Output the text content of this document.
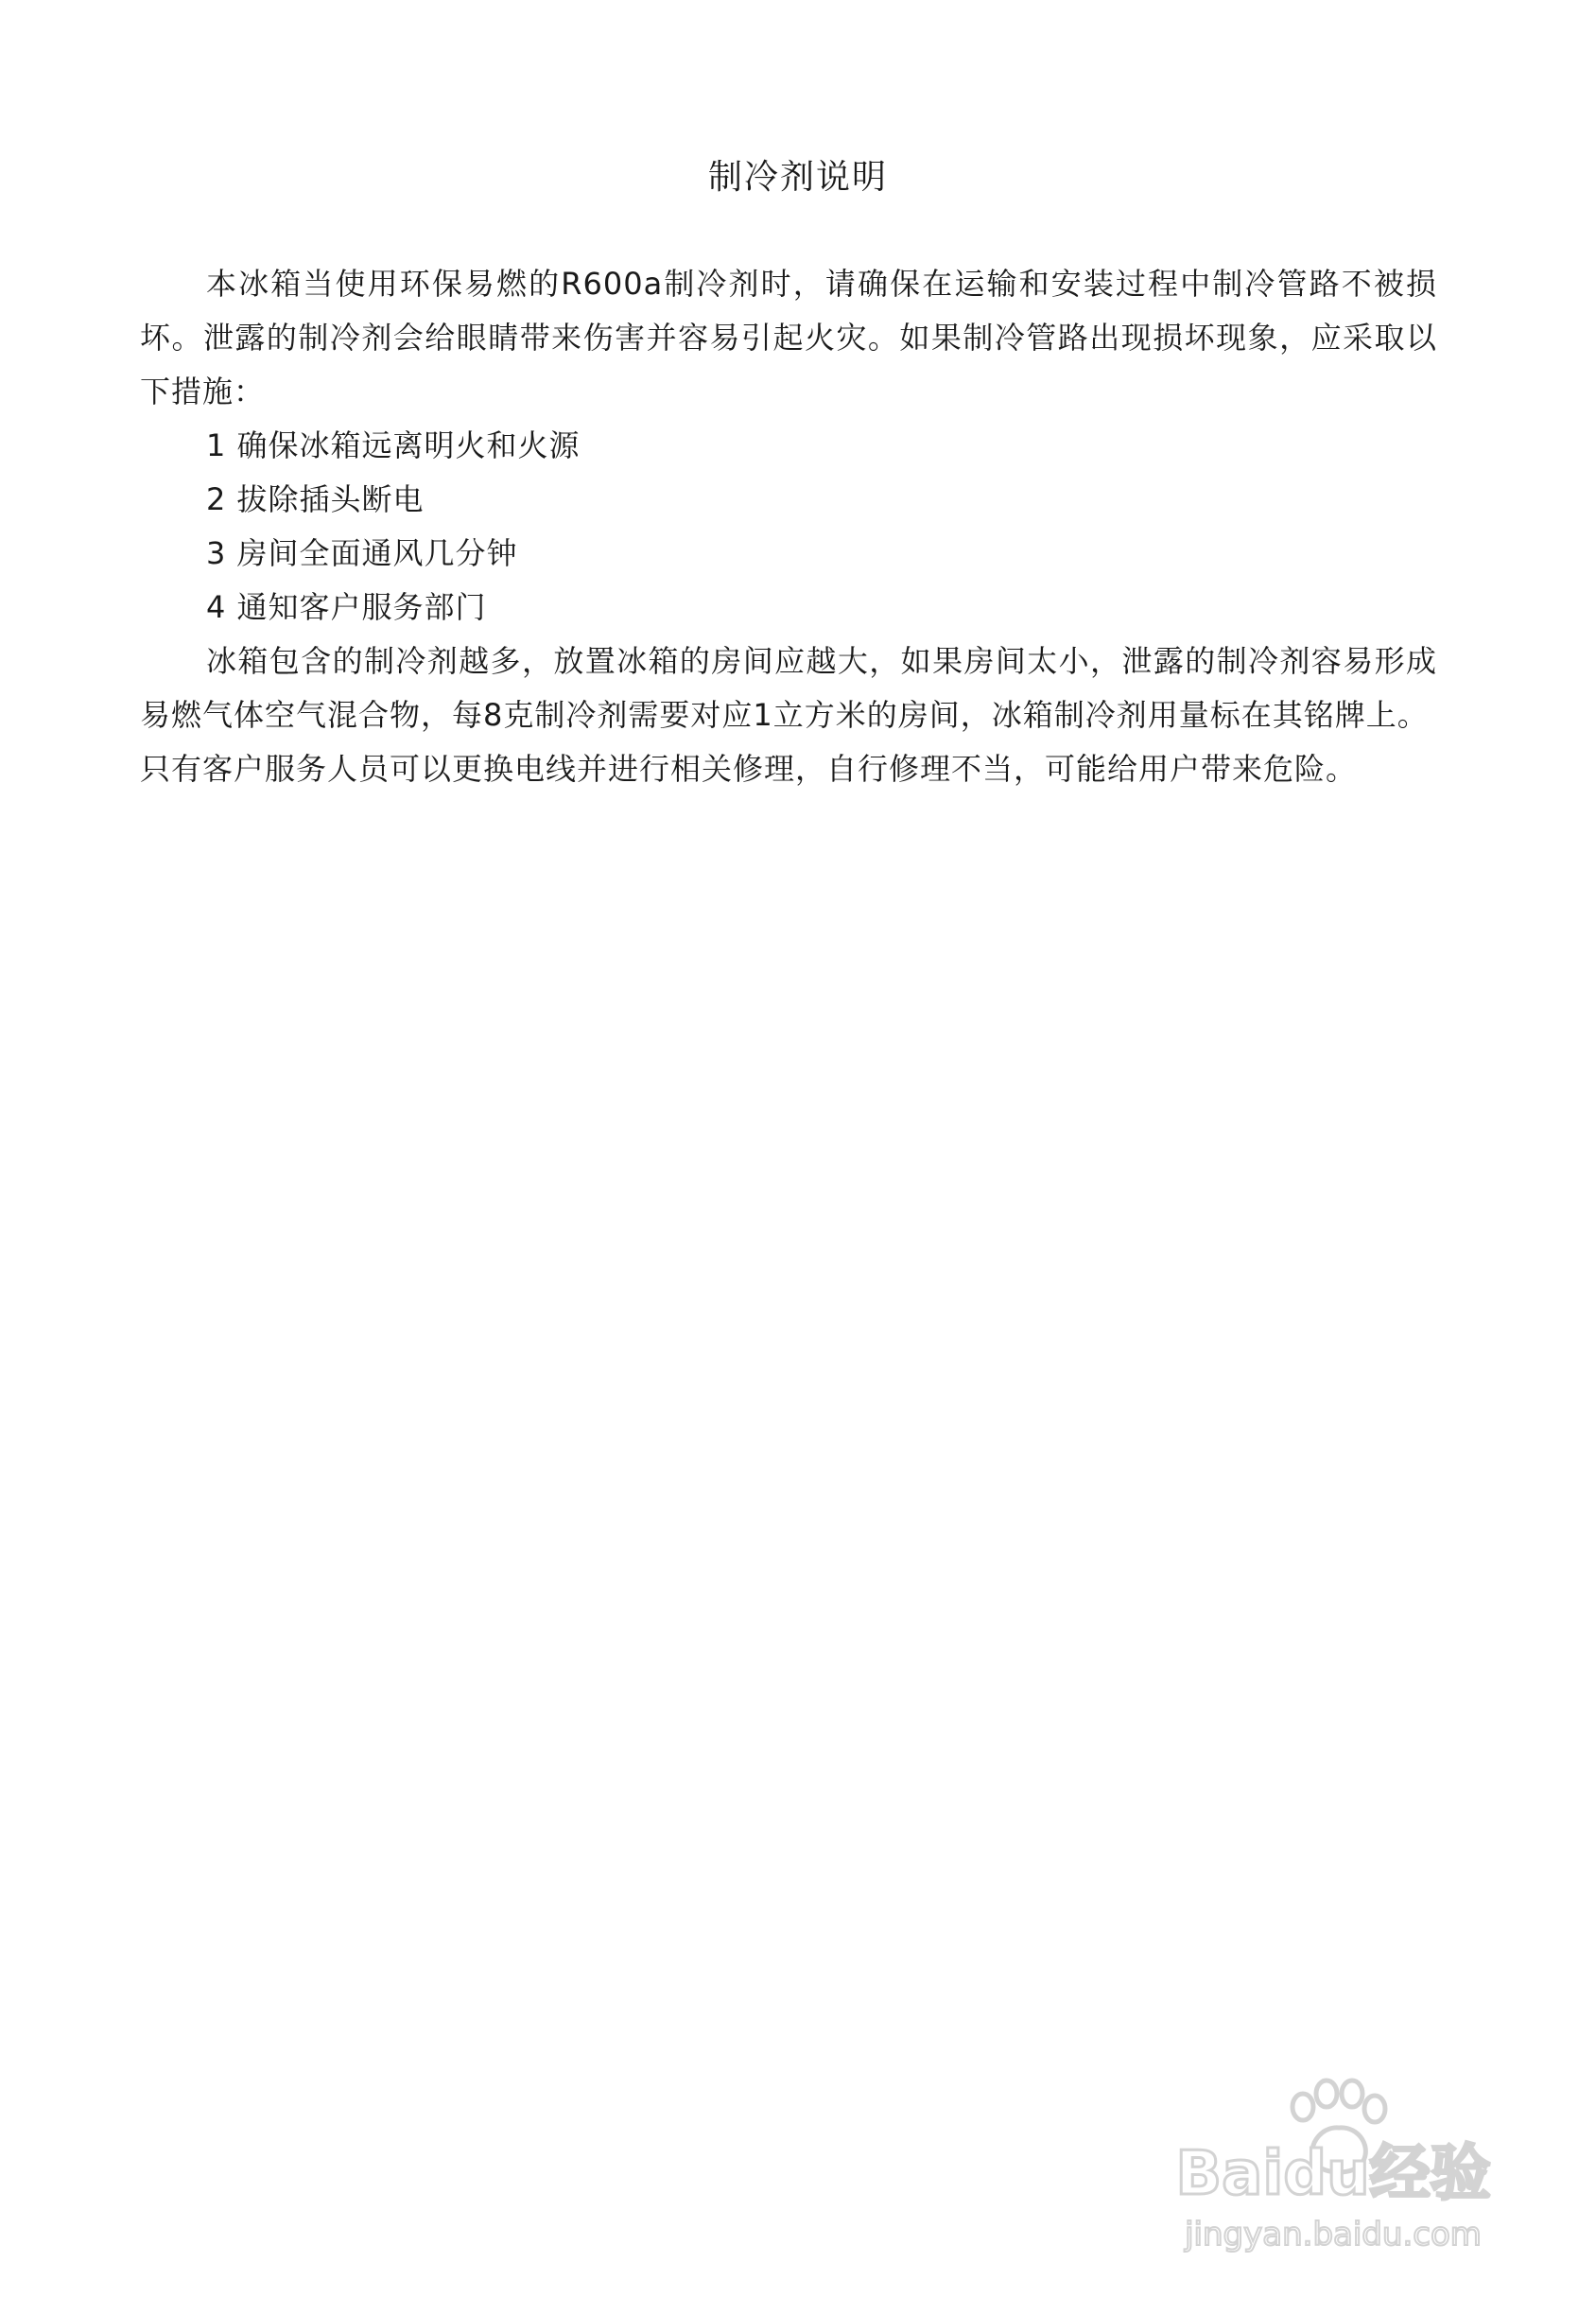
制冷剂说明

本冰箱当使用环保易燃的R600a制冷剂时，请确保在运输和安装过程中制冷管路不被损坏。泄露的制冷剂会给眼睛带来伤害并容易引起火灾。如果制冷管路出现损坏现象，应采取以下措施：

1 确保冰箱远离明火和火源

2 拔除插头断电

3 房间全面通风几分钟

4 通知客户服务部门

冰箱包含的制冷剂越多，放置冰箱的房间应越大，如果房间太小，泄露的制冷剂容易形成易燃气体空气混合物，每8克制冷剂需要对应1立方米的房间，冰箱制冷剂用量标在其铭牌上。

只有客户服务人员可以更换电线并进行相关修理，自行修理不当，可能给用户带来危险。

Baidu经验
jingyan.baidu.com
